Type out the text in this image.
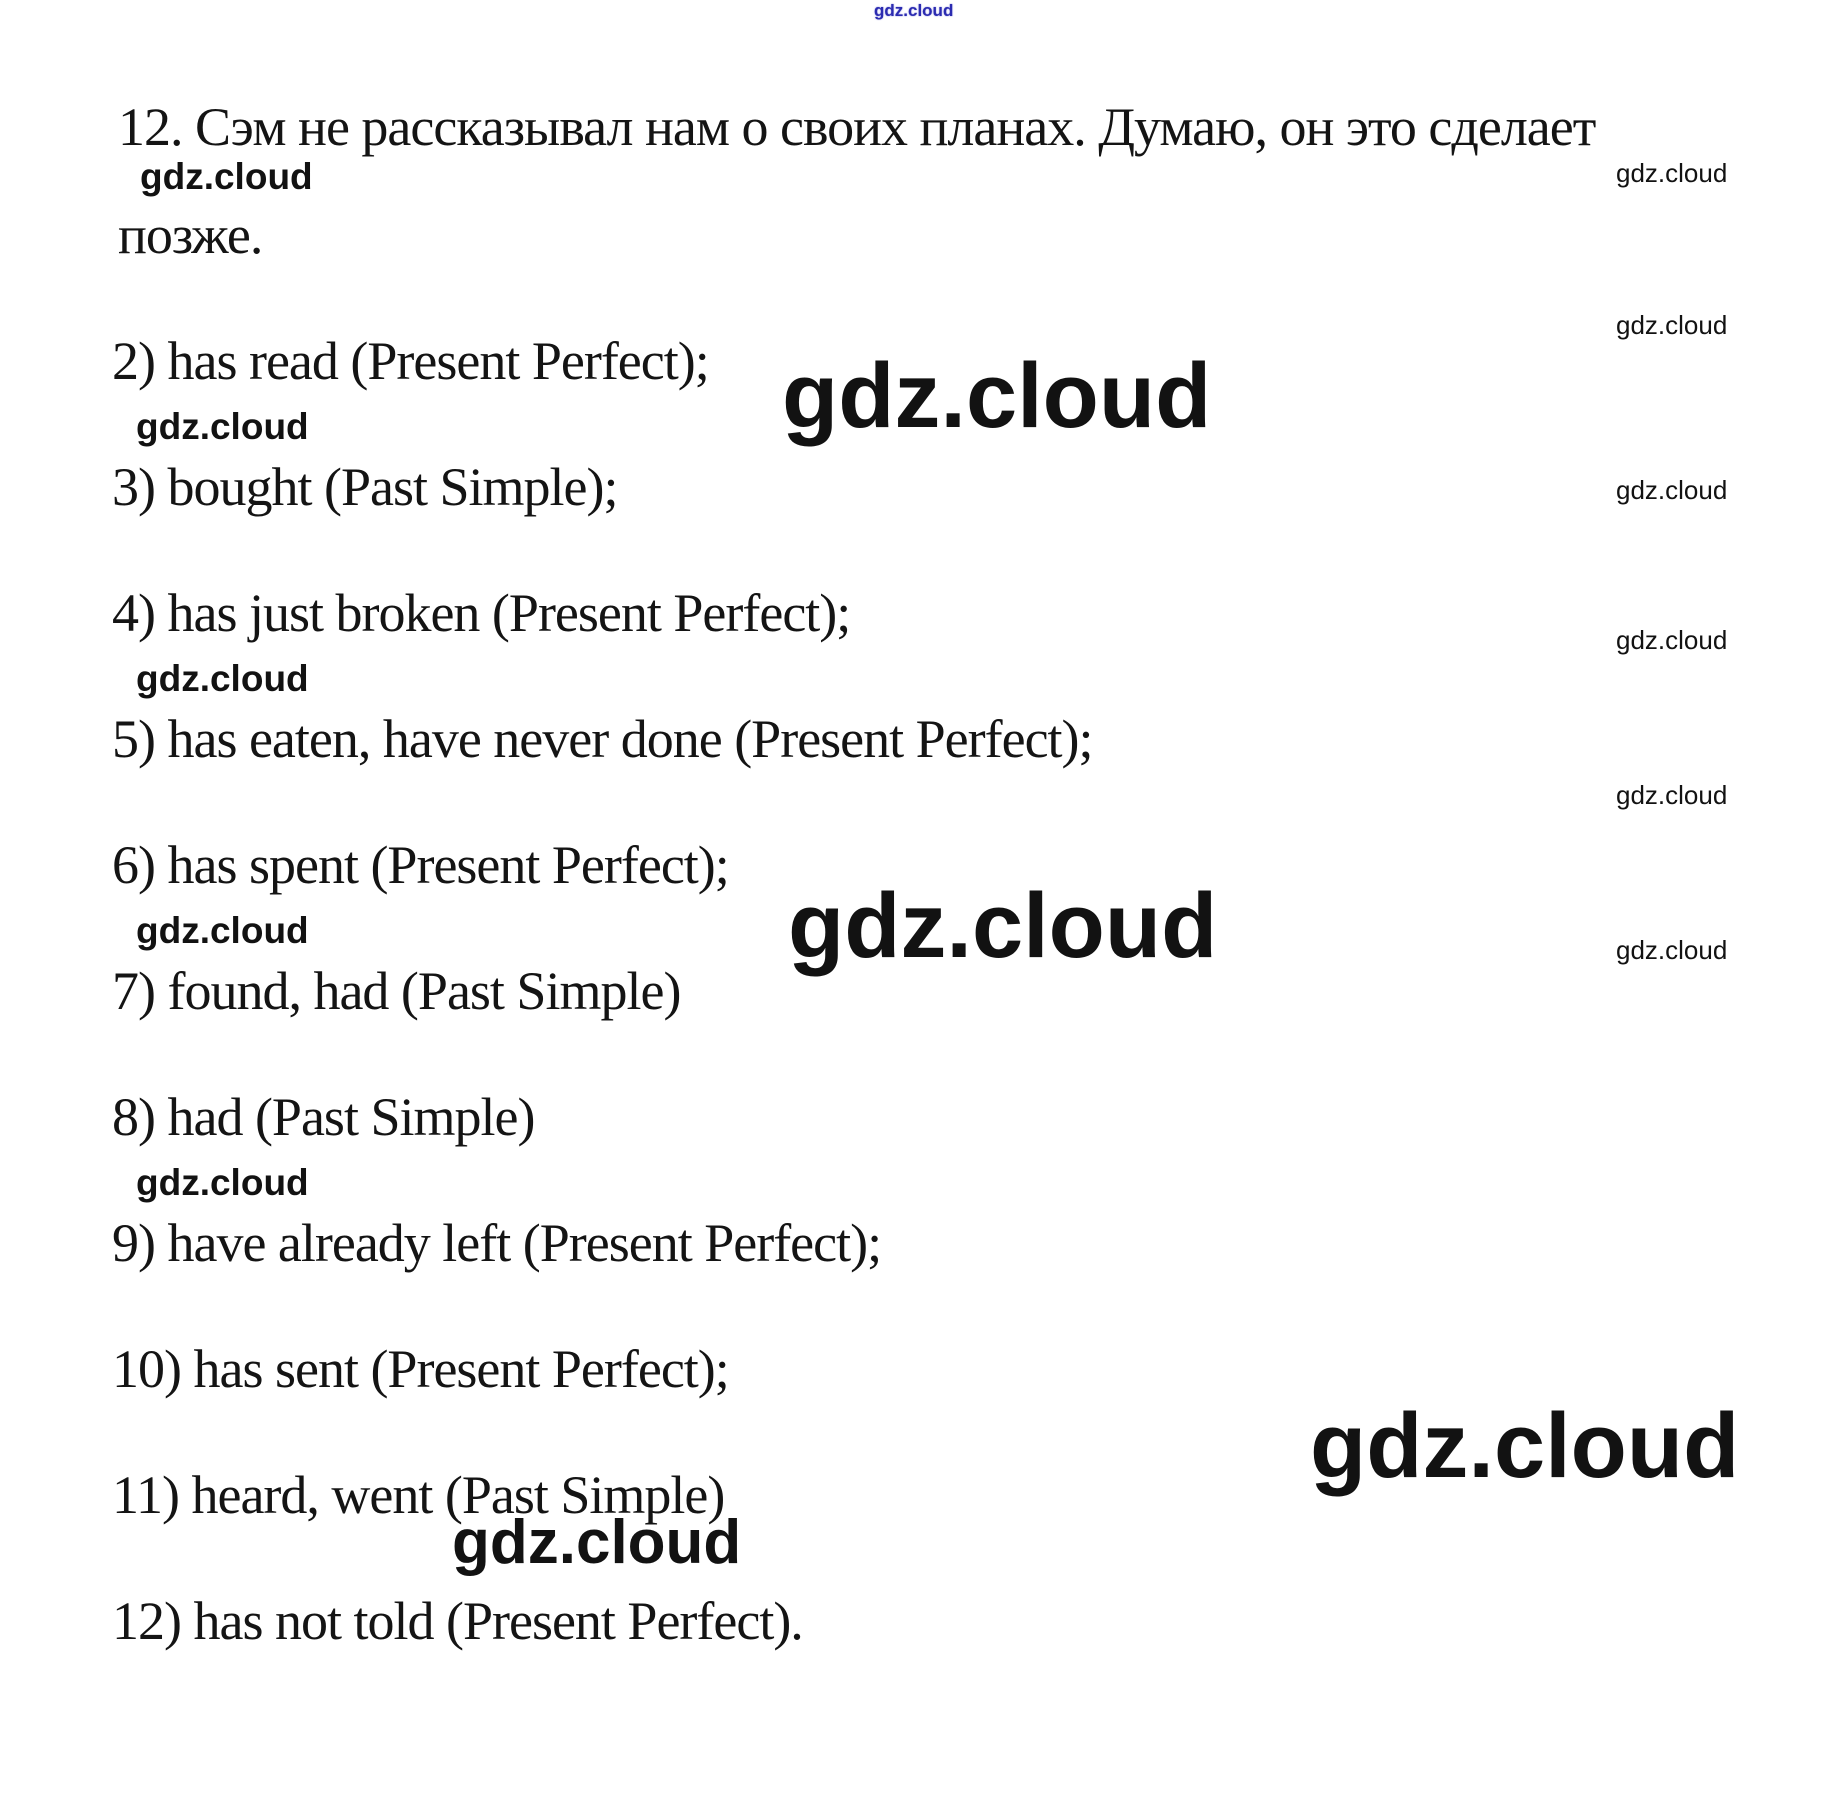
gdz.cloud
12. Сэм не рассказывал нам о своих планах. Думаю, он это сделает
позже.
2) has read (Present Perfect);
3) bought (Past Simple);
4) has just broken (Present Perfect);
5) has eaten, have never done (Present Perfect);
6) has spent (Present Perfect);
7) found, had (Past Simple)
8) had (Past Simple)
9) have already left (Present Perfect);
10) has sent (Present Perfect);
11) heard, went (Past Simple)
12) has not told (Present Perfect).
gdz.cloud
gdz.cloud
gdz.cloud
gdz.cloud
gdz.cloud
gdz.cloud
gdz.cloud
gdz.cloud
gdz.cloud
gdz.cloud
gdz.cloud
gdz.cloud
gdz.cloud
gdz.cloud
gdz.cloud
